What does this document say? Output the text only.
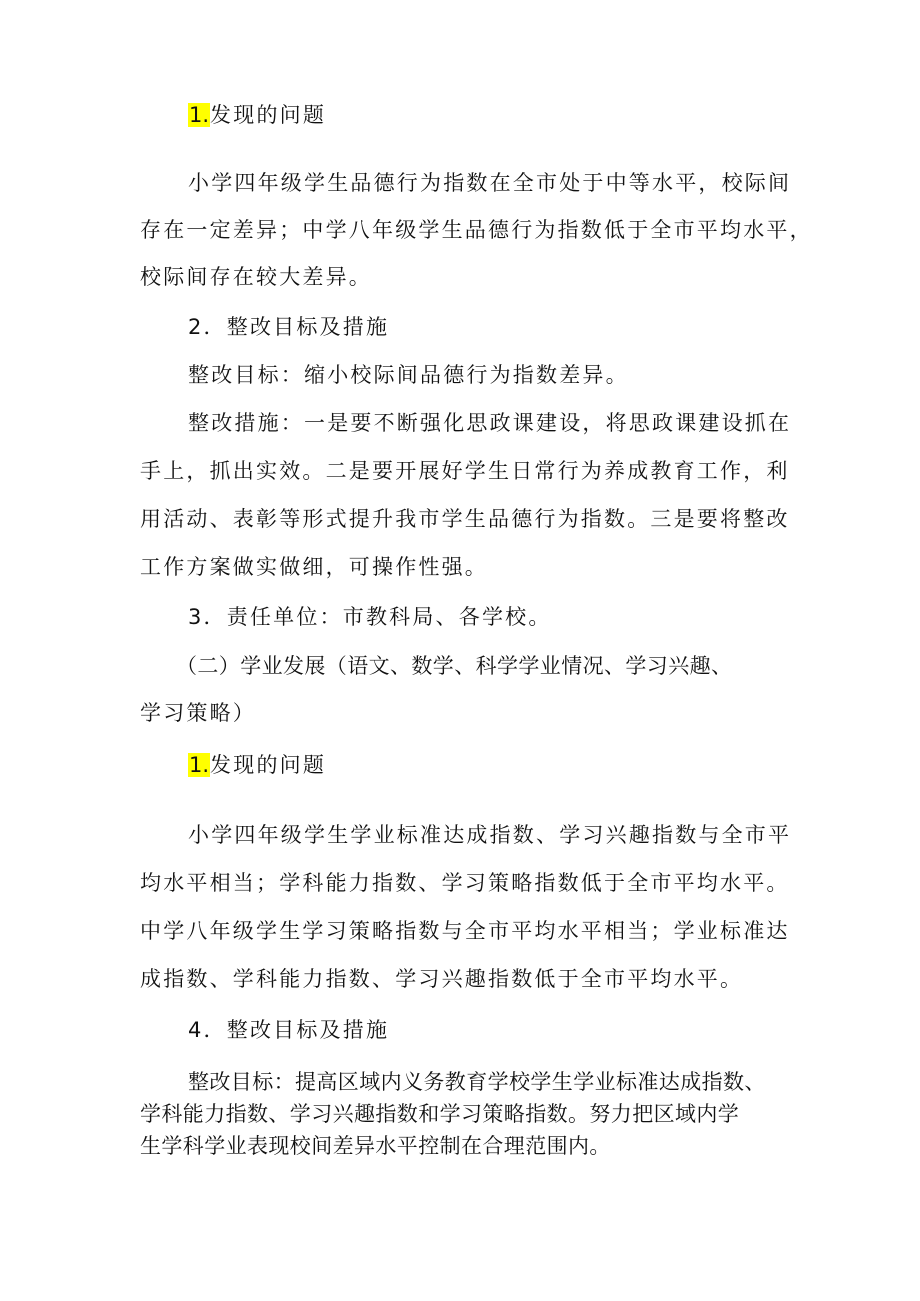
1.发现的问题
小学四年级学生品德行为指数在全市处于中等水平，校际间
存在一定差异；中学八年级学生品德行为指数低于全市平均水平，
校际间存在较大差异。
2．整改目标及措施
整改目标：缩小校际间品德行为指数差异。
整改措施：一是要不断强化思政课建设，将思政课建设抓在
手上，抓出实效。二是要开展好学生日常行为养成教育工作，利
用活动、表彰等形式提升我市学生品德行为指数。三是要将整改
工作方案做实做细，可操作性强。
3．责任单位：市教科局、各学校。
（二）学业发展（语文、数学、科学学业情况、学习兴趣、
学习策略）
1.发现的问题
小学四年级学生学业标准达成指数、学习兴趣指数与全市平
均水平相当；学科能力指数、学习策略指数低于全市平均水平。
中学八年级学生学习策略指数与全市平均水平相当；学业标准达
成指数、学科能力指数、学习兴趣指数低于全市平均水平。
4．整改目标及措施
整改目标：提高区域内义务教育学校学生学业标准达成指数、
学科能力指数、学习兴趣指数和学习策略指数。努力把区域内学
生学科学业表现校间差异水平控制在合理范围内。
